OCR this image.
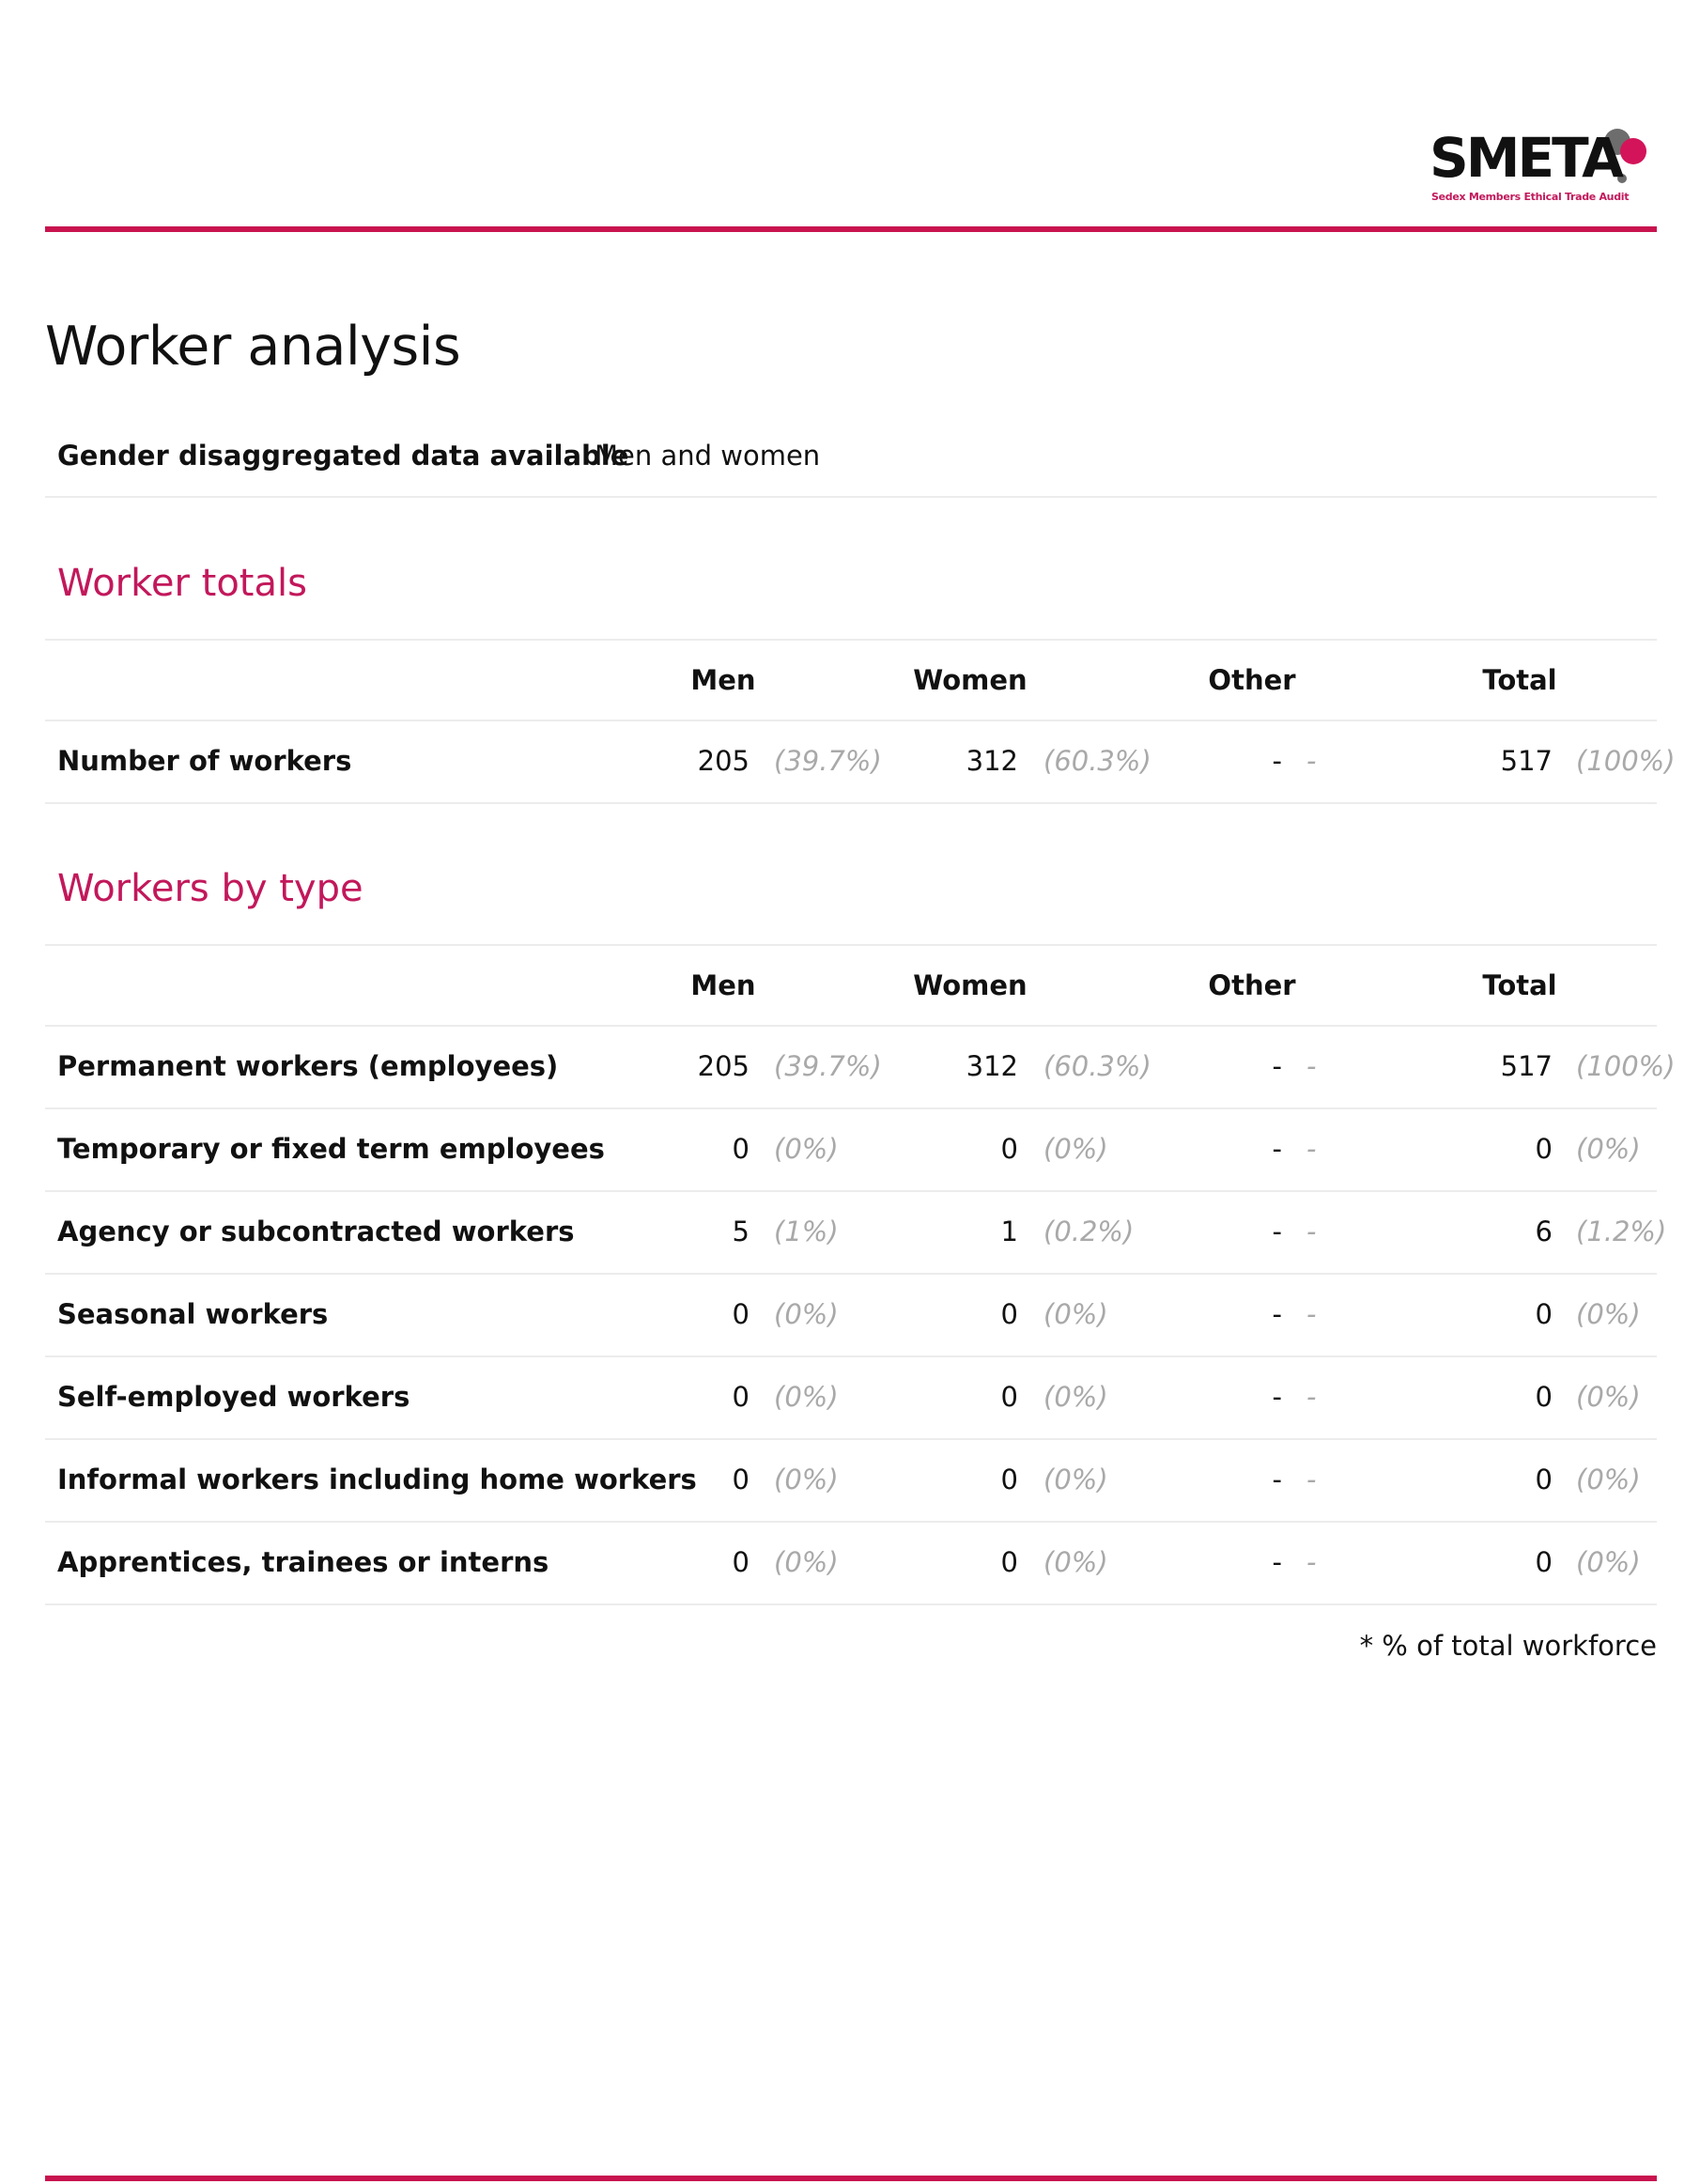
SMETA
Sedex Members Ethical Trade Audit
Worker analysis
Gender disaggregated data available
Men and women
Worker totals
Men	Women	Other	Total
Number of workers	205 (39.7%)	312 (60.3%)	- -	517 (100%)
Workers by type
Men	Women	Other	Total
Permanent workers (employees)	205 (39.7%)	312 (60.3%)	- -	517 (100%)
Temporary or fixed term employees	0 (0%)	0 (0%)	- -	0 (0%)
Agency or subcontracted workers	5 (1%)	1 (0.2%)	- -	6 (1.2%)
Seasonal workers	0 (0%)	0 (0%)	- -	0 (0%)
Self-employed workers	0 (0%)	0 (0%)	- -	0 (0%)
Informal workers including home workers	0 (0%)	0 (0%)	- -	0 (0%)
Apprentices, trainees or interns	0 (0%)	0 (0%)	- -	0 (0%)
* % of total workforce
